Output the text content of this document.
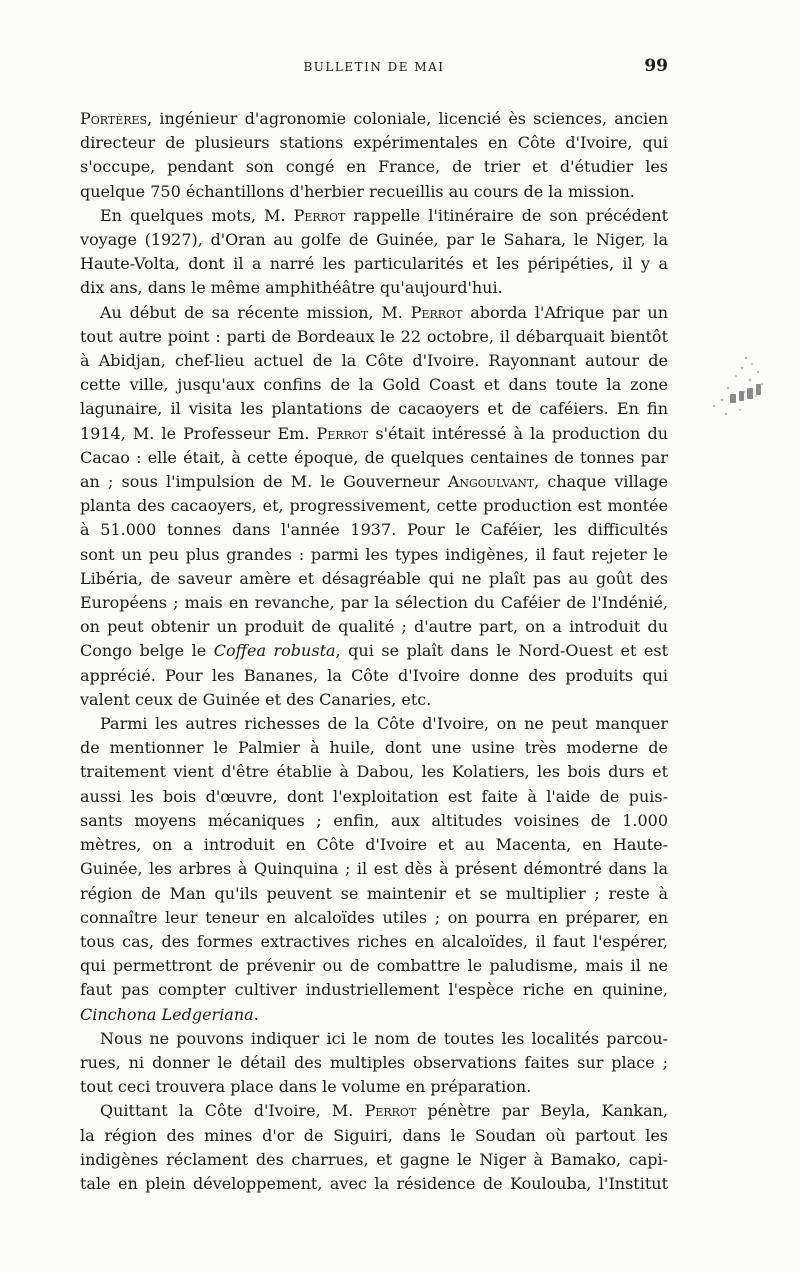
BULLETIN DE MAI	99

Portères, ingénieur d'agronomie coloniale, licencié ès sciences, ancien

directeur de plusieurs stations expérimentales en Côte d'Ivoire, qui

s'occupe, pendant son congé en France, de trier et d'étudier les

quelque 750 échantillons d'herbier recueillis au cours de la mission.

En quelques mots, M. Perrot rappelle l'itinéraire de son précédent

voyage (1927), d'Oran au golfe de Guinée, par le Sahara, le Niger, la

Haute-Volta, dont il a narré les particularités et les péripéties, il y a

dix ans, dans le même amphithéâtre qu'aujourd'hui.

Au début de sa récente mission, M. Perrot aborda l'Afrique par un

tout autre point : parti de Bordeaux le 22 octobre, il débarquait bientôt

à Abidjan, chef-lieu actuel de la Côte d'Ivoire. Rayonnant autour de

cette ville, jusqu'aux confins de la Gold Coast et dans toute la zone

lagunaire, il visita les plantations de cacaoyers et de caféiers. En fin

1914, M. le Professeur Em. Perrot s'était intéressé à la production du

Cacao : elle était, à cette époque, de quelques centaines de tonnes par

an ; sous l'impulsion de M. le Gouverneur Angoulvant, chaque village

planta des cacaoyers, et, progressivement, cette production est montée

à 51.000 tonnes dans l'année 1937. Pour le Caféier, les difficultés

sont un peu plus grandes : parmi les types indigènes, il faut rejeter le

Libéria, de saveur amère et désagréable qui ne plaît pas au goût des

Européens ; mais en revanche, par la sélection du Caféier de l'Indénié,

on peut obtenir un produit de qualité ; d'autre part, on a introduit du

Congo belge le Coffea robusta, qui se plaît dans le Nord-Ouest et est

apprécié. Pour les Bananes, la Côte d'Ivoire donne des produits qui

valent ceux de Guinée et des Canaries, etc.

Parmi les autres richesses de la Côte d'Ivoire, on ne peut manquer

de mentionner le Palmier à huile, dont une usine très moderne de

traitement vient d'être établie à Dabou, les Kolatiers, les bois durs et

aussi les bois d'œuvre, dont l'exploitation est faite à l'aide de puis-

sants moyens mécaniques ; enfin, aux altitudes voisines de 1.000

mètres, on a introduit en Côte d'Ivoire et au Macenta, en Haute-

Guinée, les arbres à Quinquina ; il est dès à présent démontré dans la

région de Man qu'ils peuvent se maintenir et se multiplier ; reste à

connaître leur teneur en alcaloïdes utiles ; on pourra en préparer, en

tous cas, des formes extractives riches en alcaloïdes, il faut l'espérer,

qui permettront de prévenir ou de combattre le paludisme, mais il ne

faut pas compter cultiver industriellement l'espèce riche en quinine,

Cinchona Ledgeriana.

Nous ne pouvons indiquer ici le nom de toutes les localités parcou-

rues, ni donner le détail des multiples observations faites sur place ;

tout ceci trouvera place dans le volume en préparation.

Quittant la Côte d'Ivoire, M. Perrot pénètre par Beyla, Kankan,

la région des mines d'or de Siguiri, dans le Soudan où partout les

indigènes réclament des charrues, et gagne le Niger à Bamako, capi-

tale en plein développement, avec la résidence de Koulouba, l'Institut
